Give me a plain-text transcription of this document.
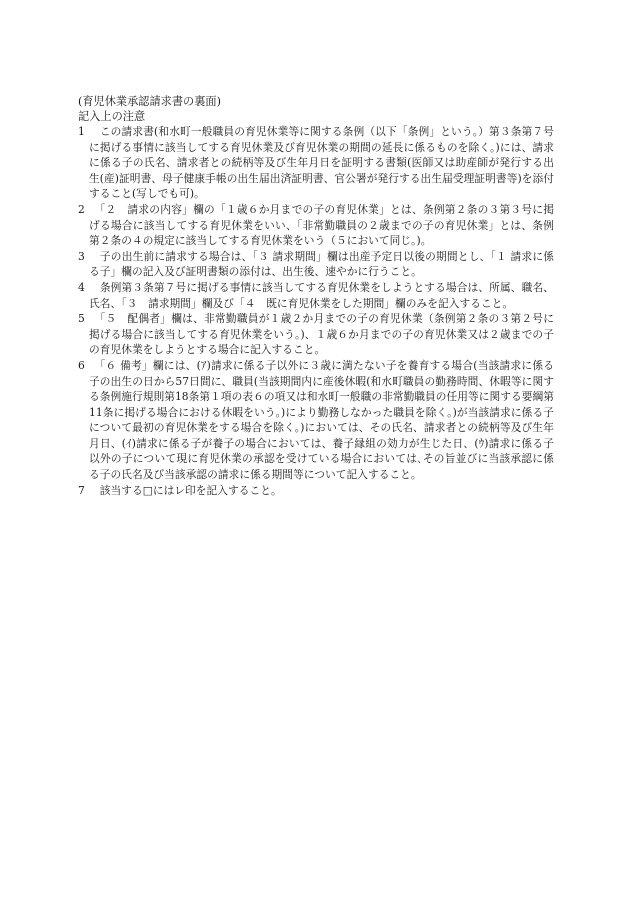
(育児休業承認請求書の裏面)

記入上の注意

1 　この請求書(和水町一般職員の育児休業等に関する条例（以下「条例」という。）第３条第７号に掲げる事情に該当してする育児休業及び育児休業の期間の延長に係るものを除く。)には、請求に係る子の氏名、請求者との続柄等及び生年月日を証明する書類(医師又は助産師が発行する出生(産)証明書、母子健康手帳の出生届出済証明書、官公署が発行する出生届受理証明書等)を添付すること(写しでも可)。
2 　「２　請求の内容」欄の「１歳６か月までの子の育児休業」とは、条例第２条の３第３号に掲げる場合に該当してする育児休業をいい、「非常勤職員の２歳までの子の育児休業」とは、条例第２条の４の規定に該当してする育児休業をいう（５において同じ。)。
3 　子の出生前に請求する場合は、「３ 請求期間」欄は出産予定日以後の期間とし、「１ 請求に係る子」欄の記入及び証明書類の添付は、出生後、速やかに行うこと。
4 　条例第３条第７号に掲げる事情に該当してする育児休業をしようとする場合は、所属、職名、氏名、「３　請求期間」欄及び「４　既に育児休業をした期間」欄のみを記入すること。
5 　「５　配偶者」欄は、非常勤職員が１歳２か月までの子の育児休業（条例第２条の３第２号に掲げる場合に該当してする育児休業をいう。)、１歳６か月までの子の育児休業又は２歳までの子の育児休業をしようとする場合に記入すること。
6 　「６ 備考」欄には、(ｱ)請求に係る子以外に３歳に満たない子を養育する場合(当該請求に係る子の出生の日から57日間に、職員(当該期間内に産後休暇(和水町職員の勤務時間、休暇等に関する条例施行規則第18条第１項の表６の項又は和水町一般職の非常勤職員の任用等に関する要綱第11条に掲げる場合における休暇をいう。)により勤務しなかった職員を除く。)が当該請求に係る子について最初の育児休業をする場合を除く。)においては、その氏名、請求者との続柄等及び生年月日、(ｲ)請求に係る子が養子の場合においては、養子縁組の効力が生じた日、(ｳ)請求に係る子以外の子について現に育児休業の承認を受けている場合においては､その旨並びに当該承認に係る子の氏名及び当該承認の請求に係る期間等について記入すること。
7 　該当する□にはレ印を記入すること。
